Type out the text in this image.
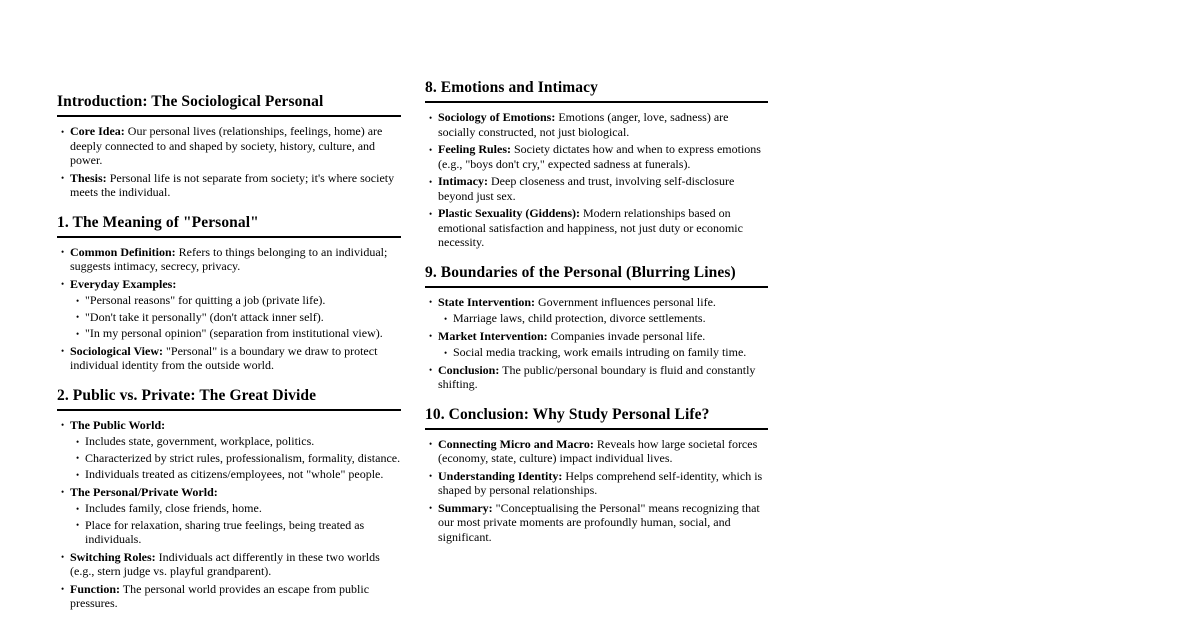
Introduction: The Sociological Personal
• Core Idea: Our personal lives (relationships, feelings, home) are deeply connected to and shaped by society, history, culture, and power.
• Thesis: Personal life is not separate from society; it's where society meets the individual.
1. The Meaning of "Personal"
• Common Definition: Refers to things belonging to an individual; suggests intimacy, secrecy, privacy.
• Everyday Examples:
• "Personal reasons" for quitting a job (private life).
• "Don't take it personally" (don't attack inner self).
• "In my personal opinion" (separation from institutional view).
• Sociological View: "Personal" is a boundary we draw to protect individual identity from the outside world.
2. Public vs. Private: The Great Divide
• The Public World:
• Includes state, government, workplace, politics.
• Characterized by strict rules, professionalism, formality, distance.
• Individuals treated as citizens/employees, not "whole" people.
• The Personal/Private World:
• Includes family, close friends, home.
• Place for relaxation, sharing true feelings, being treated as individuals.
• Switching Roles: Individuals act differently in these two worlds (e.g., stern judge vs. playful grandparent).
• Function: The personal world provides an escape from public pressures.
8. Emotions and Intimacy
• Sociology of Emotions: Emotions (anger, love, sadness) are socially constructed, not just biological.
• Feeling Rules: Society dictates how and when to express emotions (e.g., "boys don't cry," expected sadness at funerals).
• Intimacy: Deep closeness and trust, involving self-disclosure beyond just sex.
• Plastic Sexuality (Giddens): Modern relationships based on emotional satisfaction and happiness, not just duty or economic necessity.
9. Boundaries of the Personal (Blurring Lines)
• State Intervention: Government influences personal life.
• Marriage laws, child protection, divorce settlements.
• Market Intervention: Companies invade personal life.
• Social media tracking, work emails intruding on family time.
• Conclusion: The public/personal boundary is fluid and constantly shifting.
10. Conclusion: Why Study Personal Life?
• Connecting Micro and Macro: Reveals how large societal forces (economy, state, culture) impact individual lives.
• Understanding Identity: Helps comprehend self-identity, which is shaped by personal relationships.
• Summary: "Conceptualising the Personal" means recognizing that our most private moments are profoundly human, social, and significant.
